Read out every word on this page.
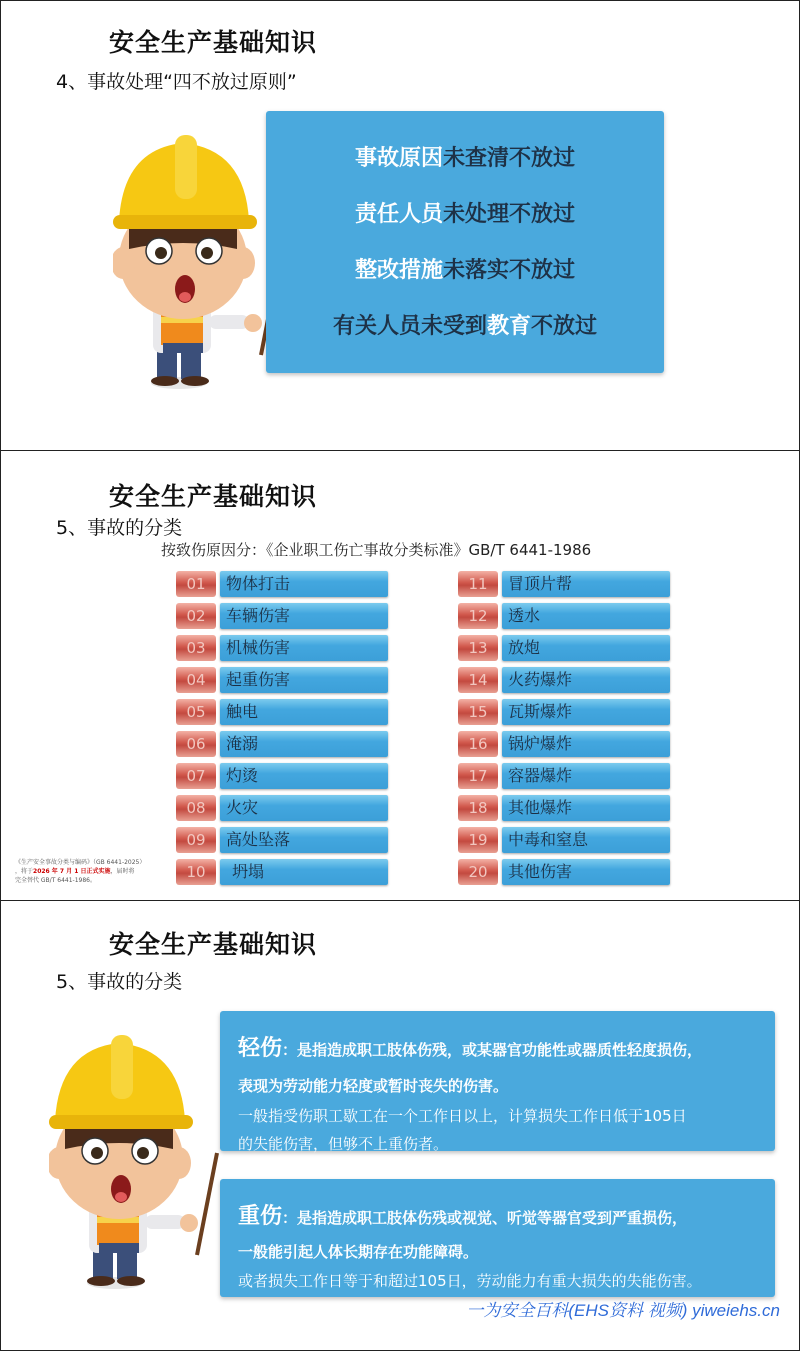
安全生产基础知识
4、事故处理“四不放过原则”
事故原因未查清不放过
责任人员未处理不放过
整改措施未落实不放过
有关人员未受到教育不放过
安全生产基础知识
5、事故的分类
按致伤原因分：《企业职工伤亡事故分类标准》GB/T 6441-1986
01	物体打击
02	车辆伤害
03	机械伤害
04	起重伤害
05	触电
06	淹溺
07	灼烫
08	火灾
09	高处坠落
10	坍塌
11	冒顶片帮
12	透水
13	放炮
14	火药爆炸
15	瓦斯爆炸
16	锅炉爆炸
17	容器爆炸
18	其他爆炸
19	中毒和窒息
20	其他伤害
《生产安全事故分类与编码》（GB 6441-2025）
，将于2026 年 7 月 1 日正式实施，届时将
完全替代 GB/T 6441-1986。
安全生产基础知识
5、事故的分类
轻伤：是指造成职工肢体伤残，或某器官功能性或器质性轻度损伤，
表现为劳动能力轻度或暂时丧失的伤害。
一般指受伤职工歇工在一个工作日以上，计算损失工作日低于105日
的失能伤害，但够不上重伤者。
重伤：是指造成职工肢体伤残或视觉、听觉等器官受到严重损伤，
一般能引起人体长期存在功能障碍。
或者损失工作日等于和超过105日，劳动能力有重大损失的失能伤害。
一为安全百科(EHS资料 视频) yiweiehs.cn
